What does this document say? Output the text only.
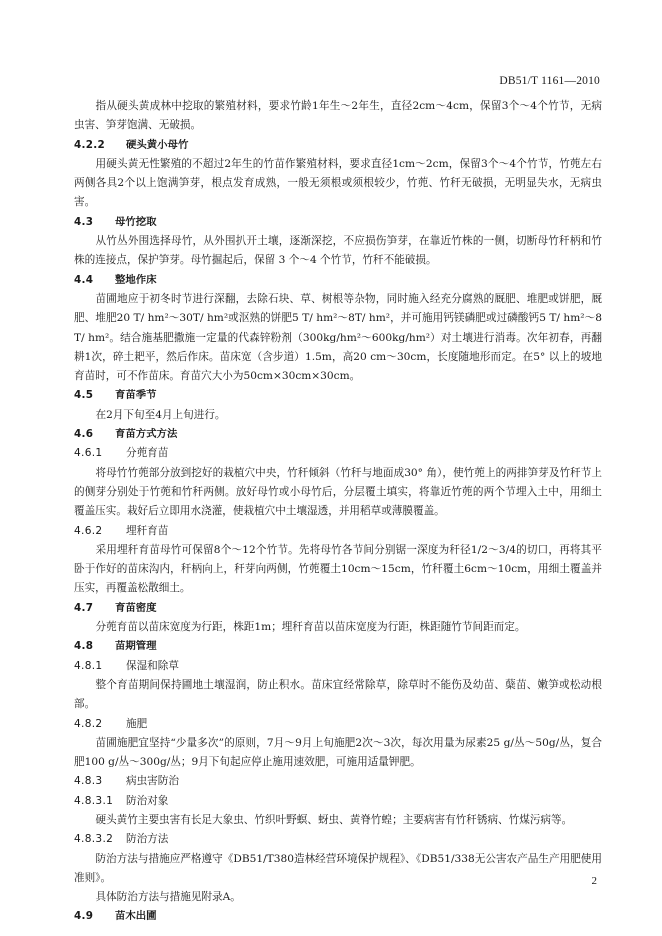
DB51/T 1161—2010

指从硬头黄成林中挖取的繁殖材料，要求竹龄1年生～2年生，直径2cm～4cm，保留3个～4个竹节，无病虫害、笋芽饱满、无破损。

4.2.2 硬头黄小母竹

用硬头黄无性繁殖的不超过2年生的竹苗作繁殖材料，要求直径1cm～2cm，保留3个～4个竹节，竹蔸左右两侧各具2个以上饱满笋芽，根点发育成熟，一般无须根或须根较少，竹蔸、竹秆无破损，无明显失水，无病虫害。

4.3 母竹挖取

从竹丛外围选择母竹，从外围扒开土壤，逐渐深挖，不应损伤笋芽，在靠近竹株的一侧，切断母竹秆柄和竹株的连接点，保护笋芽。母竹掘起后，保留 3 个～4 个竹节，竹秆不能破损。

4.4 整地作床

苗圃地应于初冬时节进行深翻，去除石块、草、树根等杂物，同时施入经充分腐熟的厩肥、堆肥或饼肥，厩肥、堆肥20 T/ hm²～30T/ hm²或沤熟的饼肥5 T/ hm²～8T/ hm²，并可施用钙镁磷肥或过磷酸钙5 T/ hm²～8T/ hm²。结合施基肥撒施一定量的代森锌粉剂（300kg/hm²～600kg/hm²）对土壤进行消毒。次年初春，再翻耕1次，碎土耙平，然后作床。苗床宽（含步道）1.5m，高20 cm～30cm，长度随地形而定。在5° 以上的坡地育苗时，可不作苗床。育苗穴大小为50cm×30cm×30cm。

4.5 育苗季节

在2月下旬至4月上旬进行。

4.6 育苗方式方法
4.6.1 分蔸育苗

将母竹竹蔸部分放到挖好的栽植穴中央，竹秆倾斜（竹秆与地面成30° 角），使竹蔸上的两排笋芽及竹秆节上的侧芽分别处于竹蔸和竹秆两侧。放好母竹或小母竹后，分层覆土填实，将靠近竹蔸的两个节埋入土中，用细土覆盖压实。栽好后立即用水浇灌，使栽植穴中土壤湿透，并用稻草或薄膜覆盖。

4.6.2 埋秆育苗

采用埋秆育苗母竹可保留8个～12个竹节。先将母竹各节间分别锯一深度为秆径1/2～3/4的切口，再将其平卧于作好的苗床沟内，秆柄向上，秆芽向两侧，竹蔸覆土10cm～15cm，竹秆覆土6cm～10cm，用细土覆盖并压实，再覆盖松散细土。

4.7 育苗密度

分蔸育苗以苗床宽度为行距，株距1m；埋秆育苗以苗床宽度为行距，株距随竹节间距而定。

4.8 苗期管理
4.8.1 保湿和除草

整个育苗期间保持圃地土壤湿润，防止积水。苗床宜经常除草，除草时不能伤及幼苗、蘖苗、嫩笋或松动根部。

4.8.2 施肥

苗圃施肥宜坚持“少量多次”的原则，7月～9月上旬施肥2次～3次，每次用量为尿素25 g/丛～50g/丛，复合肥100 g/丛～300g/丛；9月下旬起应停止施用速效肥，可施用适量钾肥。

4.8.3 病虫害防治
4.8.3.1 防治对象

硬头黄竹主要虫害有长足大象虫、竹织叶野螟、蚜虫、黄脊竹蝗；主要病害有竹秆锈病、竹煤污病等。

4.8.3.2 防治方法

防治方法与措施应严格遵守《DB51/T380造林经营环境保护规程》、《DB51/338无公害农产品生产用肥使用准则》。

具体防治方法与措施见附录A。

4.9 苗木出圃
2
